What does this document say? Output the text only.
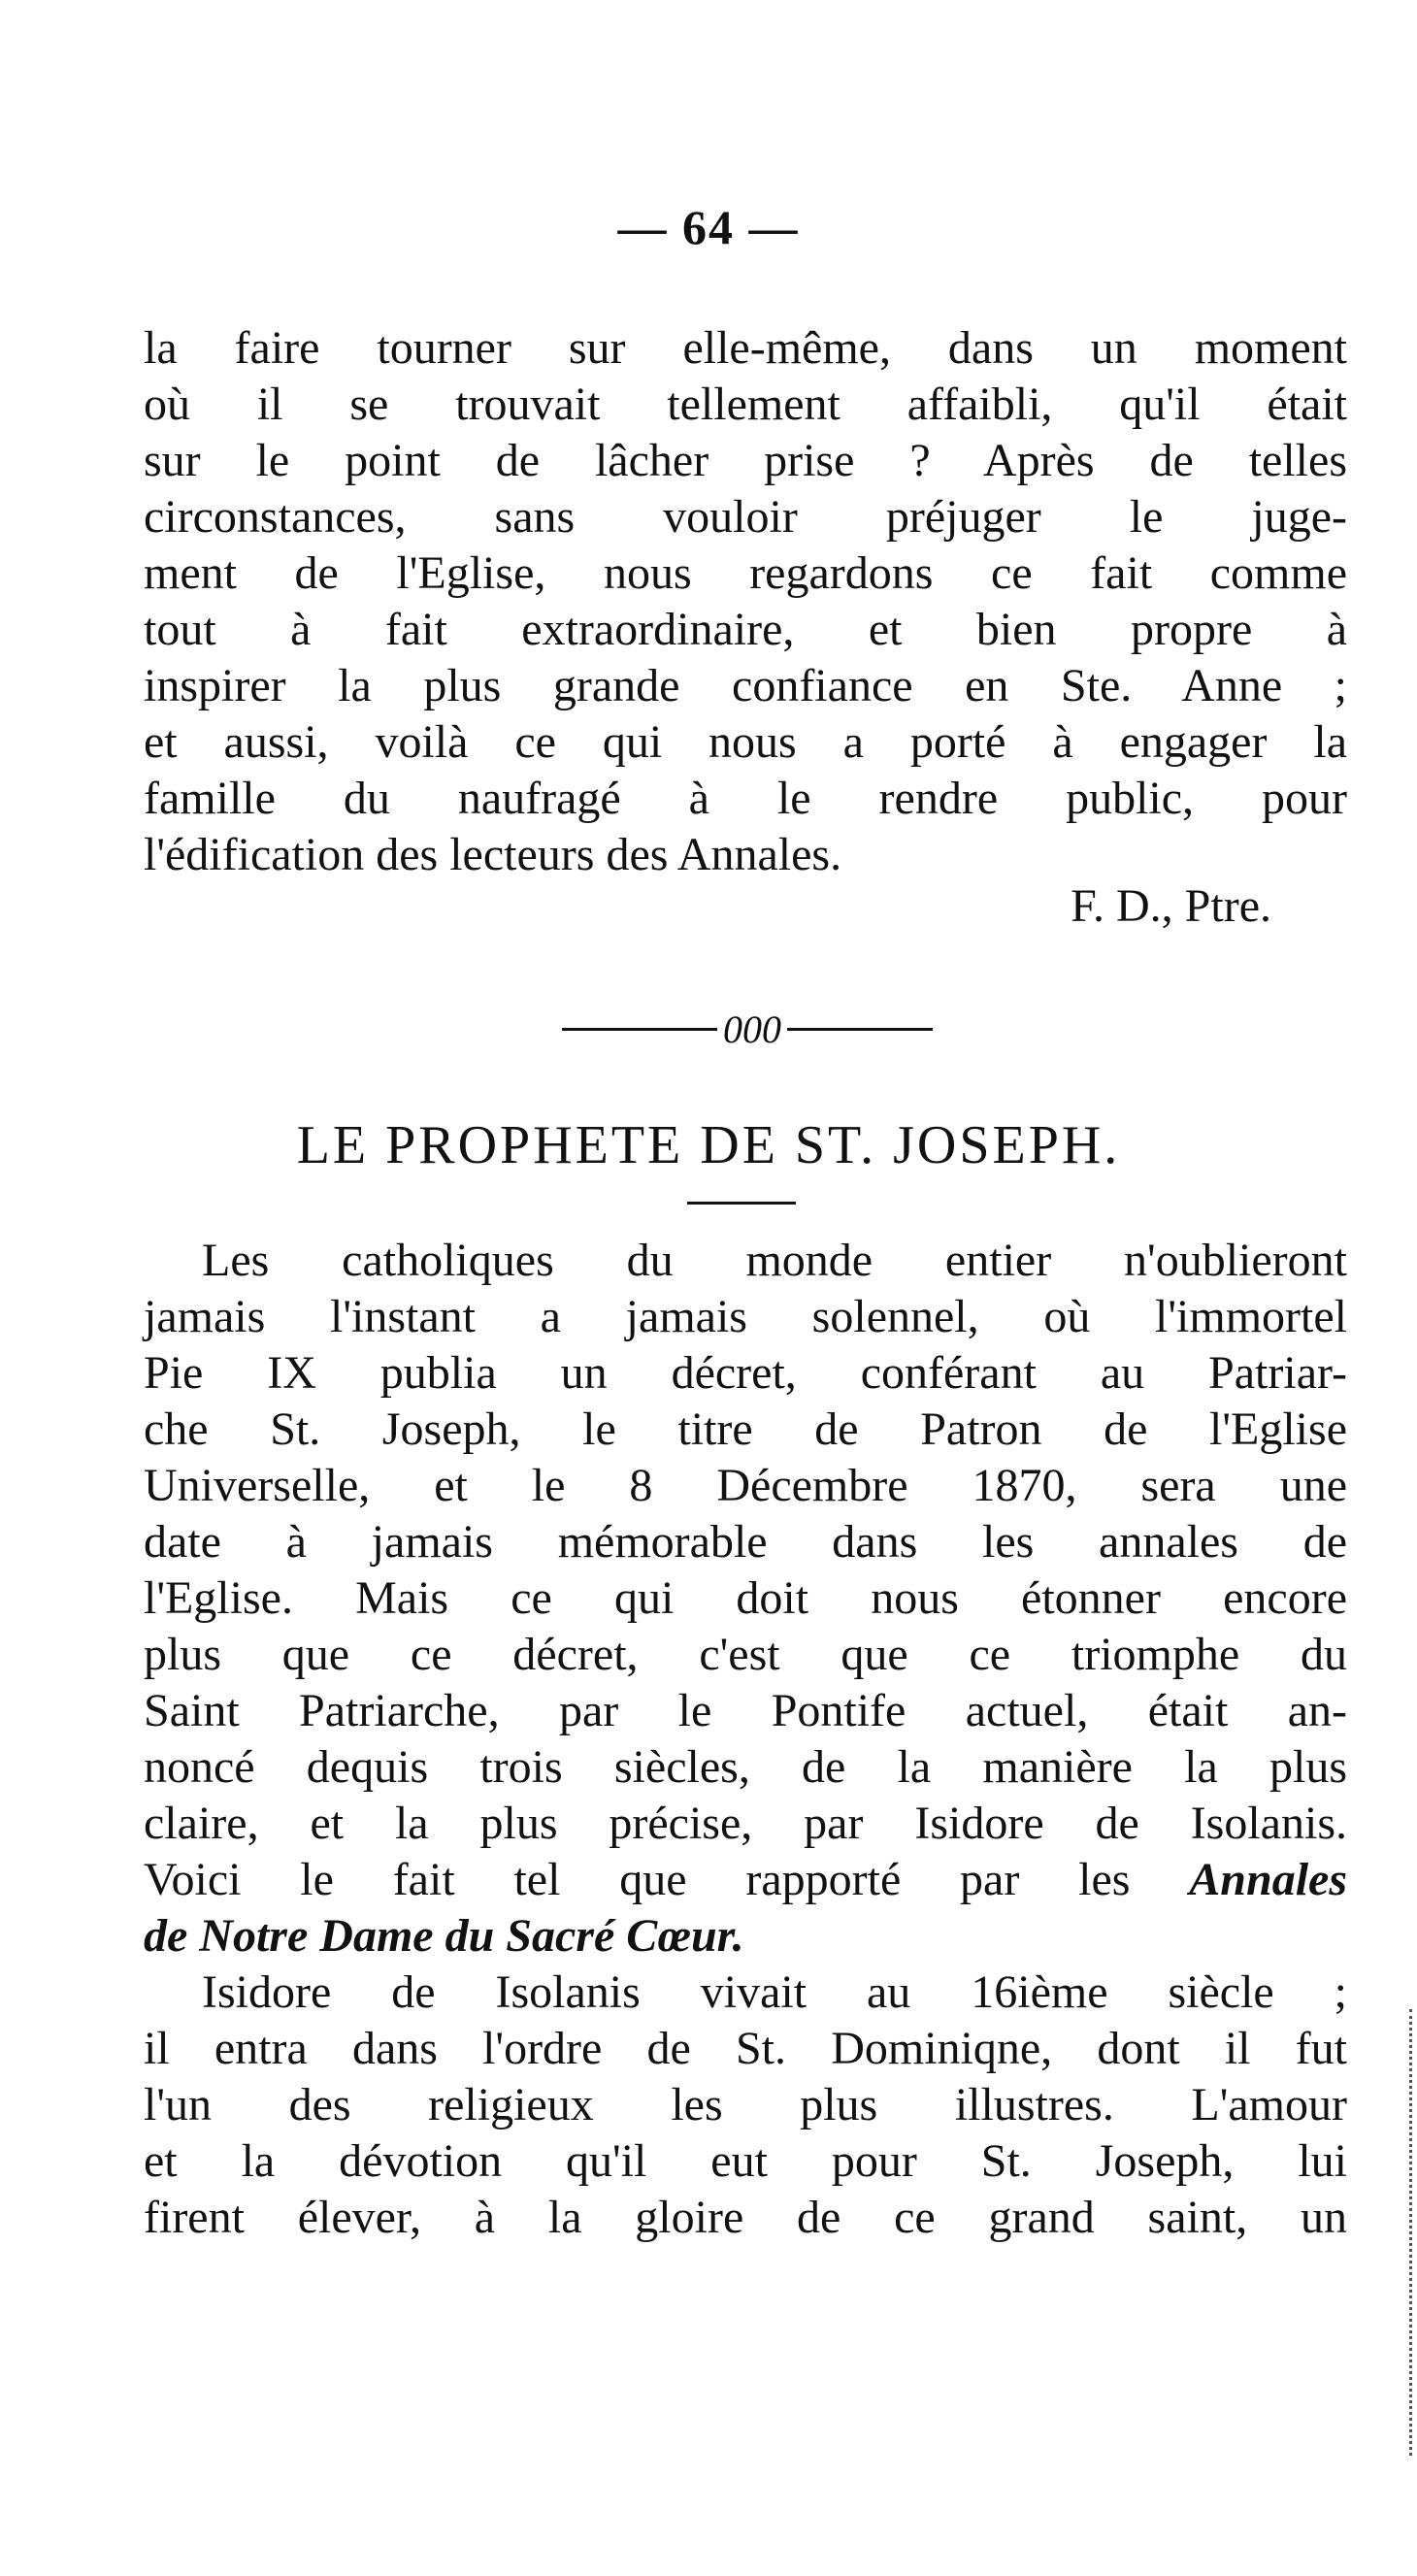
— 64 —
la faire tourner sur elle-même, dans un moment
où il se trouvait tellement affaibli, qu'il était
sur le point de lâcher prise ? Après de telles
circonstances, sans vouloir préjuger le juge-
ment de l'Eglise, nous regardons ce fait comme
tout à fait extraordinaire, et bien propre à
inspirer la plus grande confiance en Ste. Anne ;
et aussi, voilà ce qui nous a porté à engager la
famille du naufragé à le rendre public, pour
l'édification des lecteurs des Annales.
F. D., Ptre.
000
LE PROPHETE DE ST. JOSEPH.
Les catholiques du monde entier n'oublieront
jamais l'instant a jamais solennel, où l'immortel
Pie IX publia un décret, conférant au Patriar-
che St. Joseph, le titre de Patron de l'Eglise
Universelle, et le 8 Décembre 1870, sera une
date à jamais mémorable dans les annales de
l'Eglise. Mais ce qui doit nous étonner encore
plus que ce décret, c'est que ce triomphe du
Saint Patriarche, par le Pontife actuel, était an-
noncé dequis trois siècles, de la manière la plus
claire, et la plus précise, par Isidore de Isolanis.
Voici le fait tel que rapporté par les Annales
de Notre Dame du Sacré Cœur.
Isidore de Isolanis vivait au 16ième siècle ;
il entra dans l'ordre de St. Dominiqne, dont il fut
l'un des religieux les plus illustres. L'amour
et la dévotion qu'il eut pour St. Joseph, lui
firent élever, à la gloire de ce grand saint, un
